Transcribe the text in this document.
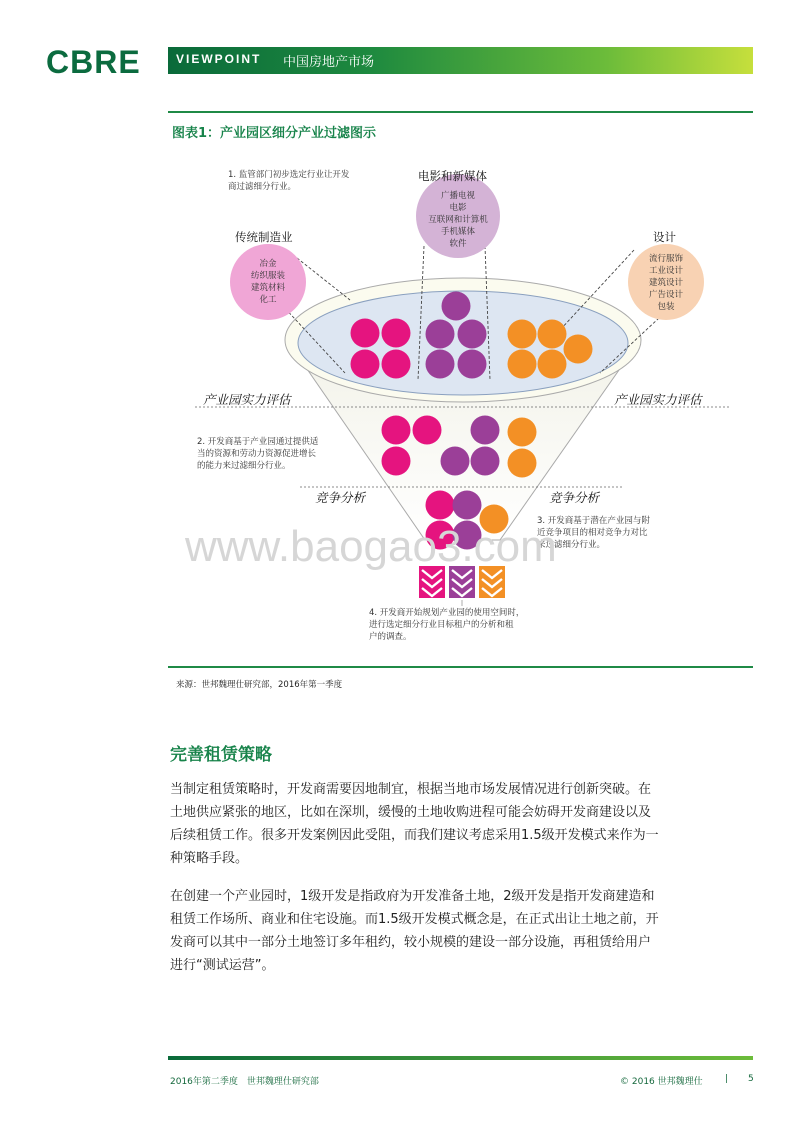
CBRE	VIEWPOINT 中国房地产市场
图表1：产业园区细分产业过滤图示
电影和新媒体
广播电视
电影
互联网和计算机
手机媒体
软件
传统制造业
冶金
纺织服装
建筑材料
化工
设计
流行服饰
工业设计
建筑设计
广告设计
包装
1. 监管部门初步选定行业让开发
商过滤细分行业。
2. 开发商基于产业园通过提供适
当的资源和劳动力资源促进增长
的能力来过滤细分行业。
3. 开发商基于潜在产业园与附
近竞争项目的相对竞争力对比
来过滤细分行业。
4. 开发商开始规划产业园的使用空间时，
进行选定细分行业目标租户的分析和租
户的调查。
产业园实力评估	产业园实力评估
竞争分析	竞争分析
www.baogao3.com
来源：世邦魏理仕研究部，2016年第一季度
完善租赁策略
当制定租赁策略时，开发商需要因地制宜，根据当地市场发展情况进行创新突破。在
土地供应紧张的地区，比如在深圳，缓慢的土地收购进程可能会妨碍开发商建设以及
后续租赁工作。很多开发案例因此受阻，而我们建议考虑采用1.5级开发模式来作为一
种策略手段。
在创建一个产业园时，1级开发是指政府为开发准备土地，2级开发是指开发商建造和
租赁工作场所、商业和住宅设施。而1.5级开发模式概念是，在正式出让土地之前，开
发商可以其中一部分土地签订多年租约，较小规模的建设一部分设施，再租赁给用户
进行“测试运营”。
2016年第二季度　世邦魏理仕研究部	© 2016 世邦魏理仕 | 5
